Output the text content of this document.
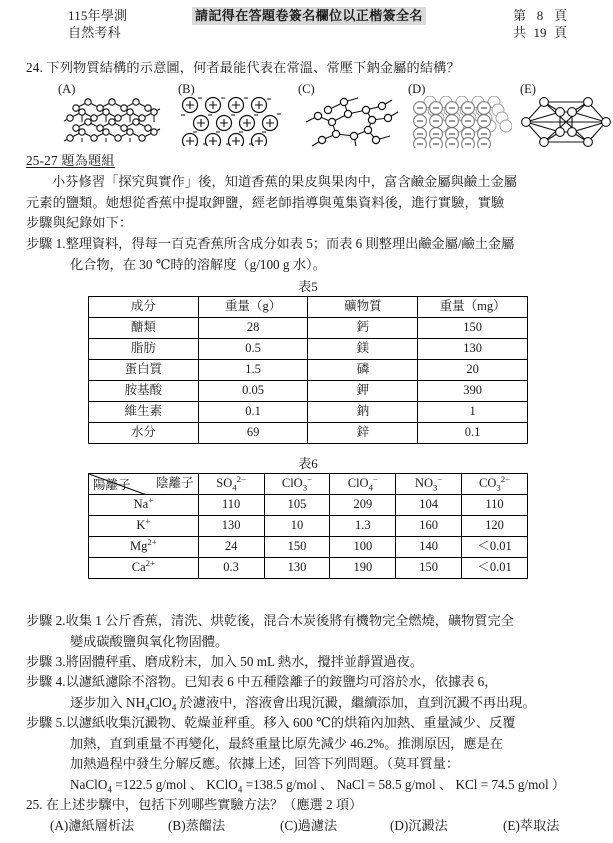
115年學測
自然考科
請記得在答題卷簽名欄位以正楷簽全名	第 8 頁
共 19 頁
24. 下列物質結構的示意圖，何者最能代表在常溫、常壓下鈉金屬的結構？
(A)	(B)	(C)	(D)	(E)
25-27 題為題組

小芬修習「探究與實作」後，知道香蕉的果皮與果肉中，富含鹼金屬與鹼土金屬

元素的鹽類。她想從香蕉中提取鉀鹽，經老師指導與蒐集資料後，進行實驗，實驗

步驟與紀錄如下：

步驟 1. 整理資料，得每一百克香蕉所含成分如表 5；而表 6 則整理出鹼金屬/鹼土金屬
化合物，在 30 ℃時的溶解度（g/100 g 水）。
表5
成分	重量（g）	礦物質	重量（mg）
醣類	28	鈣	150
脂肪	0.5	鎂	130
蛋白質	1.5	磷	20
胺基酸	0.05	鉀	390
維生素	0.1	鈉	1
水分	69	鋅	0.1
表6
陰離子
陽離子	$SO_4^{2-}$	ClO$_3$−	ClO$_4$−	$NO_3^-$	$CO_3^{2-}$
Na+	110	105	209	104	110
K+	130	10	1.3	160	120
$Mg^{2+}$	24	150	100	140	＜0.01
$Ca^{2+}$	0.3	130	190	150	＜0.01
步驟 2. 收集 1 公斤香蕉，清洗、烘乾後，混合木炭後將有機物完全燃燒，礦物質完全
變成碳酸鹽與氧化物固體。
步驟 3. 將固體秤重、磨成粉末，加入 50 mL 熱水，攪拌並靜置過夜。
步驟 4. 以濾紙濾除不溶物。已知表 6 中五種陰離子的銨鹽均可溶於水，依據表 6，
逐步加入 $NH_4ClO_4$ 於濾液中，溶液會出現沉澱，繼續添加，直到沉澱不再出現。
步驟 5. 以濾紙收集沉澱物、乾燥並秤重。移入 600 ℃的烘箱內加熱、重量減少、反覆
加熱，直到重量不再變化，最終重量比原先減少 46.2%。推測原因，應是在
加熱過程中發生分解反應。依據上述，回答下列問題。（莫耳質量：
NaClO$_4$ =122.5 g/mol 、 KClO$_4$ =138.5 g/mol 、 NaCl = 58.5 g/mol 、 KCl = 74.5 g/mol ）
25. 在上述步驟中，包括下列哪些實驗方法？（應選 2 項）
(A)濾紙層析法	(B)蒸餾法	(C)過濾法	(D)沉澱法	(E)萃取法
